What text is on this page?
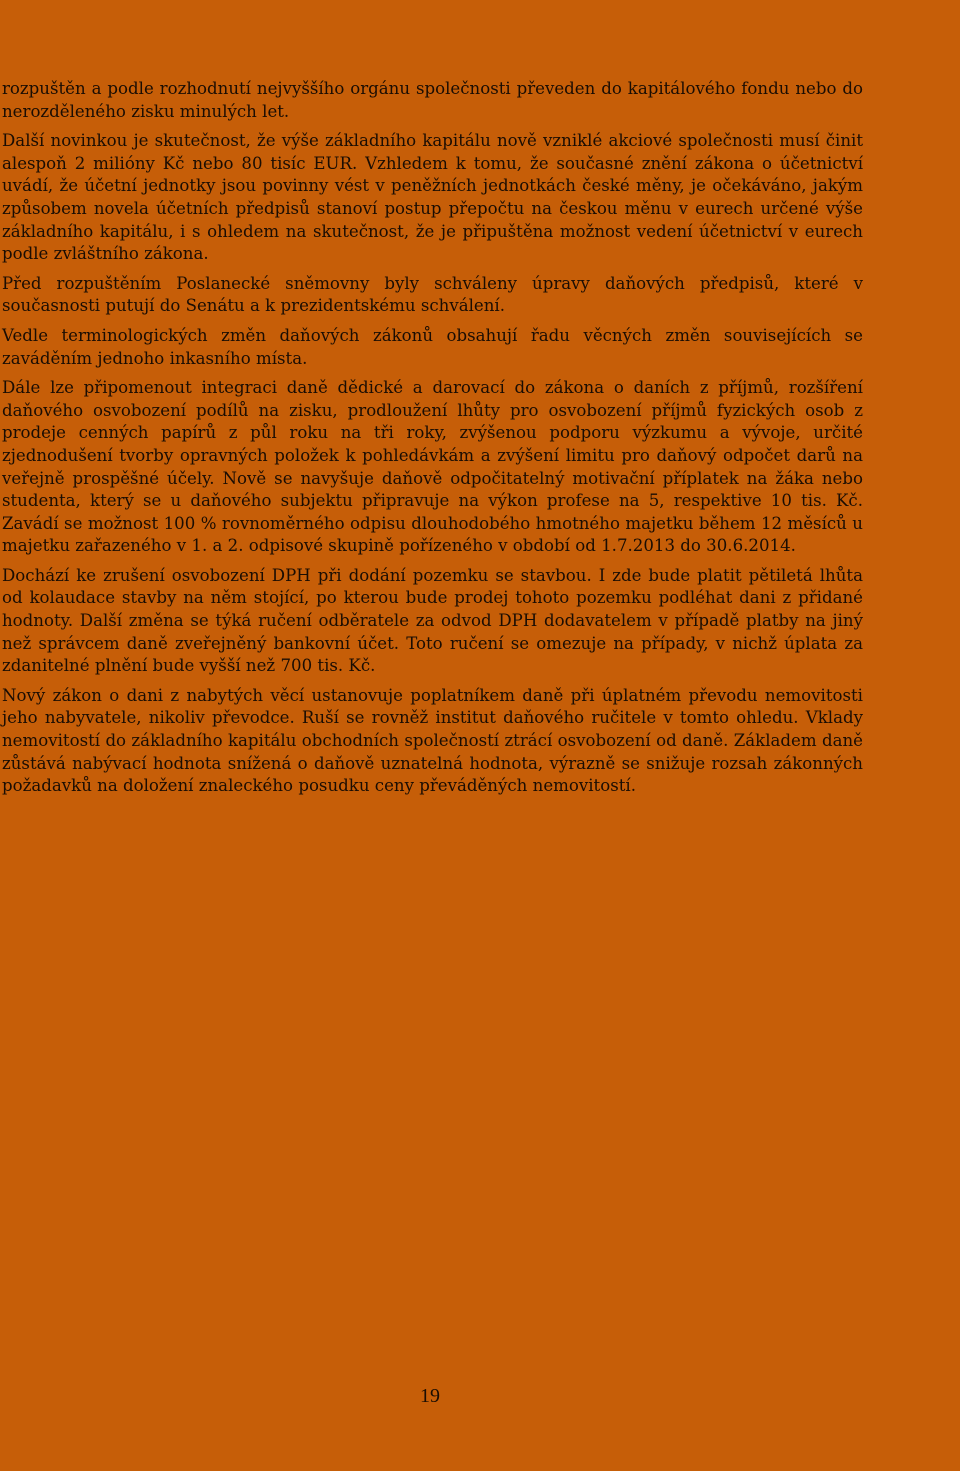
rozpuštěn a podle rozhodnutí nejvyššího orgánu společnosti převeden do kapitálového fondu nebo do nerozděleného zisku minulých let.

Další novinkou je skutečnost, že výše základního kapitálu nově vzniklé akciové společnosti musí činit alespoň 2 milióny Kč nebo 80 tisíc EUR. Vzhledem k tomu, že současné znění zákona o účetnictví uvádí, že účetní jednotky jsou povinny vést v peněžních jednotkách české měny, je očekáváno, jakým způsobem novela účetních předpisů stanoví postup přepočtu na českou měnu v eurech určené výše základního kapitálu, i s ohledem na skutečnost, že je připuštěna možnost vedení účetnictví v eurech podle zvláštního zákona.

Před rozpuštěním Poslanecké sněmovny byly schváleny úpravy daňových předpisů, které v současnosti putují do Senátu a k prezidentskému schválení.

Vedle terminologických změn daňových zákonů obsahují řadu věcných změn souvisejících se zaváděním jednoho inkasního místa.

Dále lze připomenout integraci daně dědické a darovací do zákona o daních z příjmů, rozšíření daňového osvobození podílů na zisku, prodloužení lhůty pro osvobození příjmů fyzických osob z prodeje cenných papírů z půl roku na tři roky, zvýšenou podporu výzkumu a vývoje, určité zjednodušení tvorby opravných položek k pohledávkám a zvýšení limitu pro daňový odpočet darů na veřejně prospěšné účely. Nově se navyšuje daňově odpočitatelný motivační příplatek na žáka nebo studenta, který se u daňového subjektu připravuje na výkon profese na 5, respektive 10 tis. Kč. Zavádí se možnost 100 % rovnoměrného odpisu dlouhodobého hmotného majetku během 12 měsíců u majetku zařazeného v 1. a 2. odpisové skupině pořízeného v období od 1.7.2013 do 30.6.2014.

Dochází ke zrušení osvobození DPH při dodání pozemku se stavbou. I zde bude platit pětiletá lhůta od kolaudace stavby na něm stojící, po kterou bude prodej tohoto pozemku podléhat dani z přidané hodnoty. Další změna se týká ručení odběratele za odvod DPH dodavatelem v případě platby na jiný než správcem daně zveřejněný bankovní účet. Toto ručení se omezuje na případy, v nichž úplata za zdanitelné plnění bude vyšší než 700 tis. Kč.

Nový zákon o dani z nabytých věcí ustanovuje poplatníkem daně při úplatném převodu nemovitosti jeho nabyvatele, nikoliv převodce. Ruší se rovněž institut daňového ručitele v tomto ohledu. Vklady nemovitostí do základního kapitálu obchodních společností ztrácí osvobození od daně. Základem daně zůstává nabývací hodnota snížená o daňově uznatelná hodnota, výrazně se snižuje rozsah zákonných požadavků na doložení znaleckého posudku ceny převáděných nemovitostí.

19
